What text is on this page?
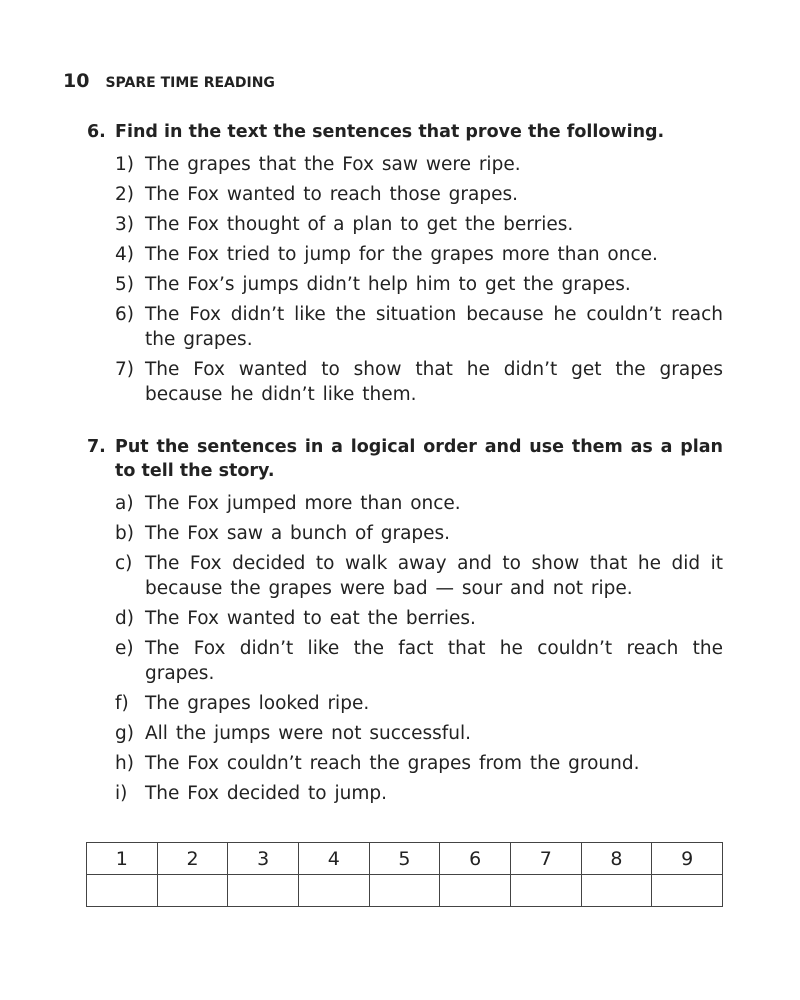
10 SPARE TIME READING
6. Find in the text the sentences that prove the following.
1) The grapes that the Fox saw were ripe.
2) The Fox wanted to reach those grapes.
3) The Fox thought of a plan to get the berries.
4) The Fox tried to jump for the grapes more than once.
5) The Fox’s jumps didn’t help him to get the grapes.
6) The Fox didn’t like the situation because he couldn’t reach the grapes.
7) The Fox wanted to show that he didn’t get the grapes because he didn’t like them.
7. Put the sentences in a logical order and use them as a plan to tell the story.
a) The Fox jumped more than once.
b) The Fox saw a bunch of grapes.
c) The Fox decided to walk away and to show that he did it because the grapes were bad — sour and not ripe.
d) The Fox wanted to eat the berries.
e) The Fox didn’t like the fact that he couldn’t reach the grapes.
f) The grapes looked ripe.
g) All the jumps were not successful.
h) The Fox couldn’t reach the grapes from the ground.
i) The Fox decided to jump.
1	2	3	4	5	6	7	8	9
